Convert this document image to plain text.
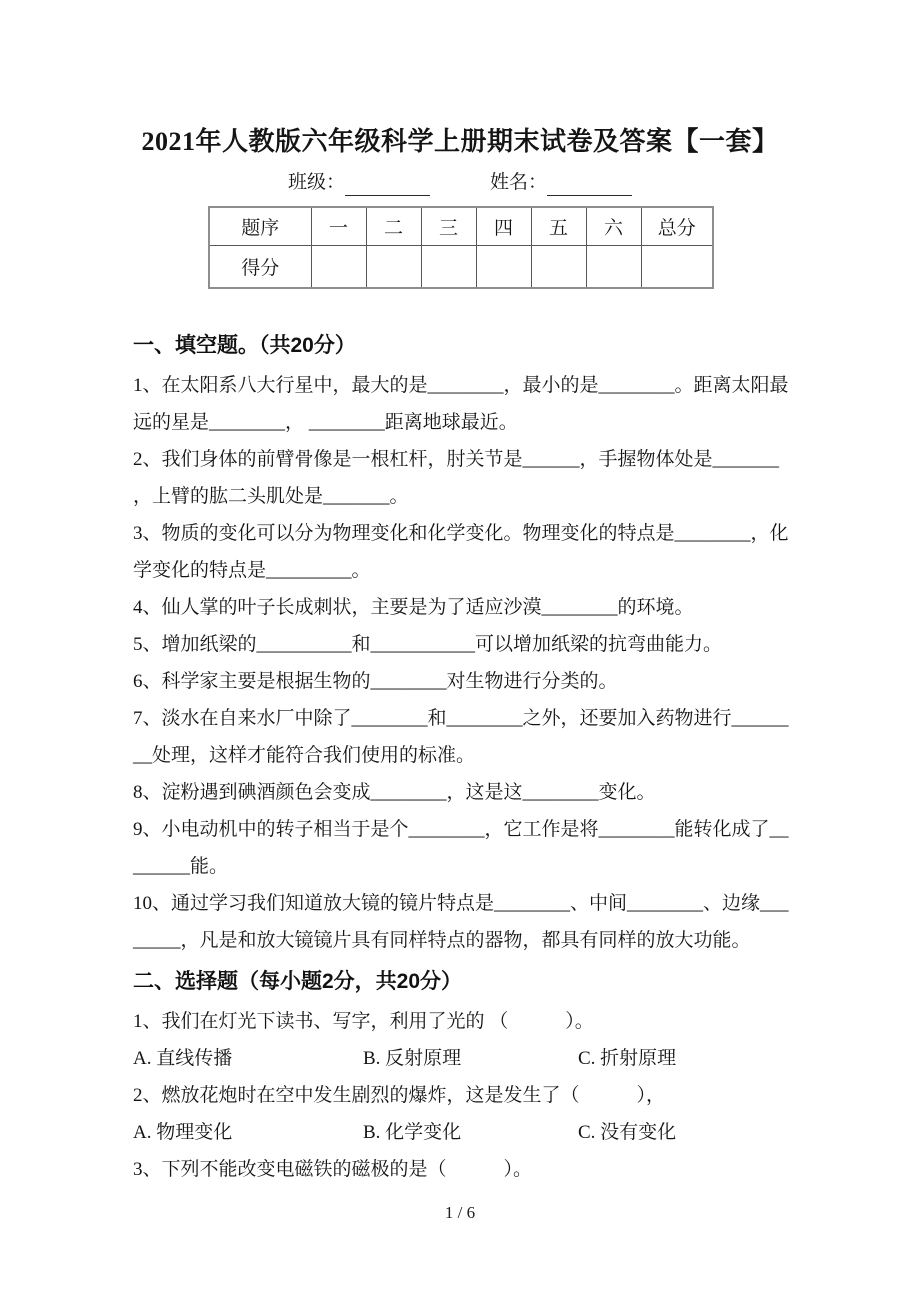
2021年人教版六年级科学上册期末试卷及答案【一套】
班级：	姓名：
题序	一	二	三	四	五	六	总分
得分							
一、填空题。（共20分）
1、在太阳系八大行星中，最大的是________，最小的是________。距离太阳最
远的星是________， ________距离地球最近。
2、我们身体的前臂骨像是一根杠杆，肘关节是______，手握物体处是_______
，上臂的肱二头肌处是_______。
3、物质的变化可以分为物理变化和化学变化。物理变化的特点是________，化
学变化的特点是_________。
4、仙人掌的叶子长成刺状，主要是为了适应沙漠________的环境。
5、增加纸梁的__________和___________可以增加纸梁的抗弯曲能力。
6、科学家主要是根据生物的________对生物进行分类的。
7、淡水在自来水厂中除了________和________之外，还要加入药物进行______
__处理，这样才能符合我们使用的标准。
8、淀粉遇到碘酒颜色会变成________，这是这________变化。
9、小电动机中的转子相当于是个________，它工作是将________能转化成了__
______能。
10、通过学习我们知道放大镜的镜片特点是________、中间________、边缘___
_____，凡是和放大镜镜片具有同样特点的器物，都具有同样的放大功能。
二、选择题（每小题2分，共20分）
1、我们在灯光下读书、写字，利用了光的 （　　　）。
A. 直线传播	B. 反射原理	C. 折射原理
2、燃放花炮时在空中发生剧烈的爆炸，这是发生了（　　　），
A. 物理变化	B. 化学变化	C. 没有变化
3、下列不能改变电磁铁的磁极的是（　　　）。
1 / 6
